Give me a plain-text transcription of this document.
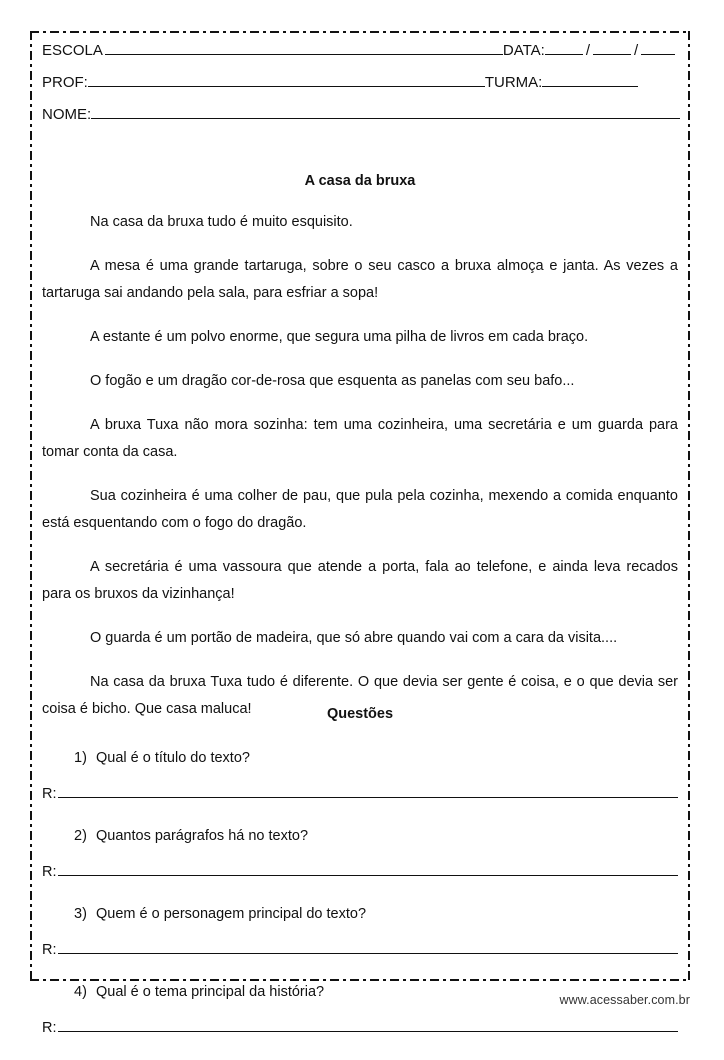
ESCOLA	DATA:	/	/
PROF:	TURMA:
NOME:
A casa da bruxa

Na casa da bruxa tudo é muito esquisito.

A mesa é uma grande tartaruga, sobre o seu casco a bruxa almoça e janta. As vezes a tartaruga sai andando pela sala, para esfriar a sopa!

A estante é um polvo enorme, que segura uma pilha de livros em cada braço.

O fogão e um dragão cor-de-rosa que esquenta as panelas com seu bafo...

A bruxa Tuxa não mora sozinha: tem uma cozinheira, uma secretária e um guarda para tomar conta da casa.

Sua cozinheira é uma colher de pau, que pula pela cozinha, mexendo a comida enquanto está esquentando com o fogo do dragão.

A secretária é uma vassoura que atende a porta, fala ao telefone, e ainda leva recados para os bruxos da vizinhança!

O guarda é um portão de madeira, que só abre quando vai com a cara da visita....

Na casa da bruxa Tuxa tudo é diferente. O que devia ser gente é coisa, e o que devia ser coisa é bicho. Que casa maluca!	Questões

1) Qual é o título do texto?

R:

2) Quantos parágrafos há no texto?

R:

3) Quem é o personagem principal do texto?

R:

4) Qual é o tema principal da história?

R:
www.acessaber.com.br
